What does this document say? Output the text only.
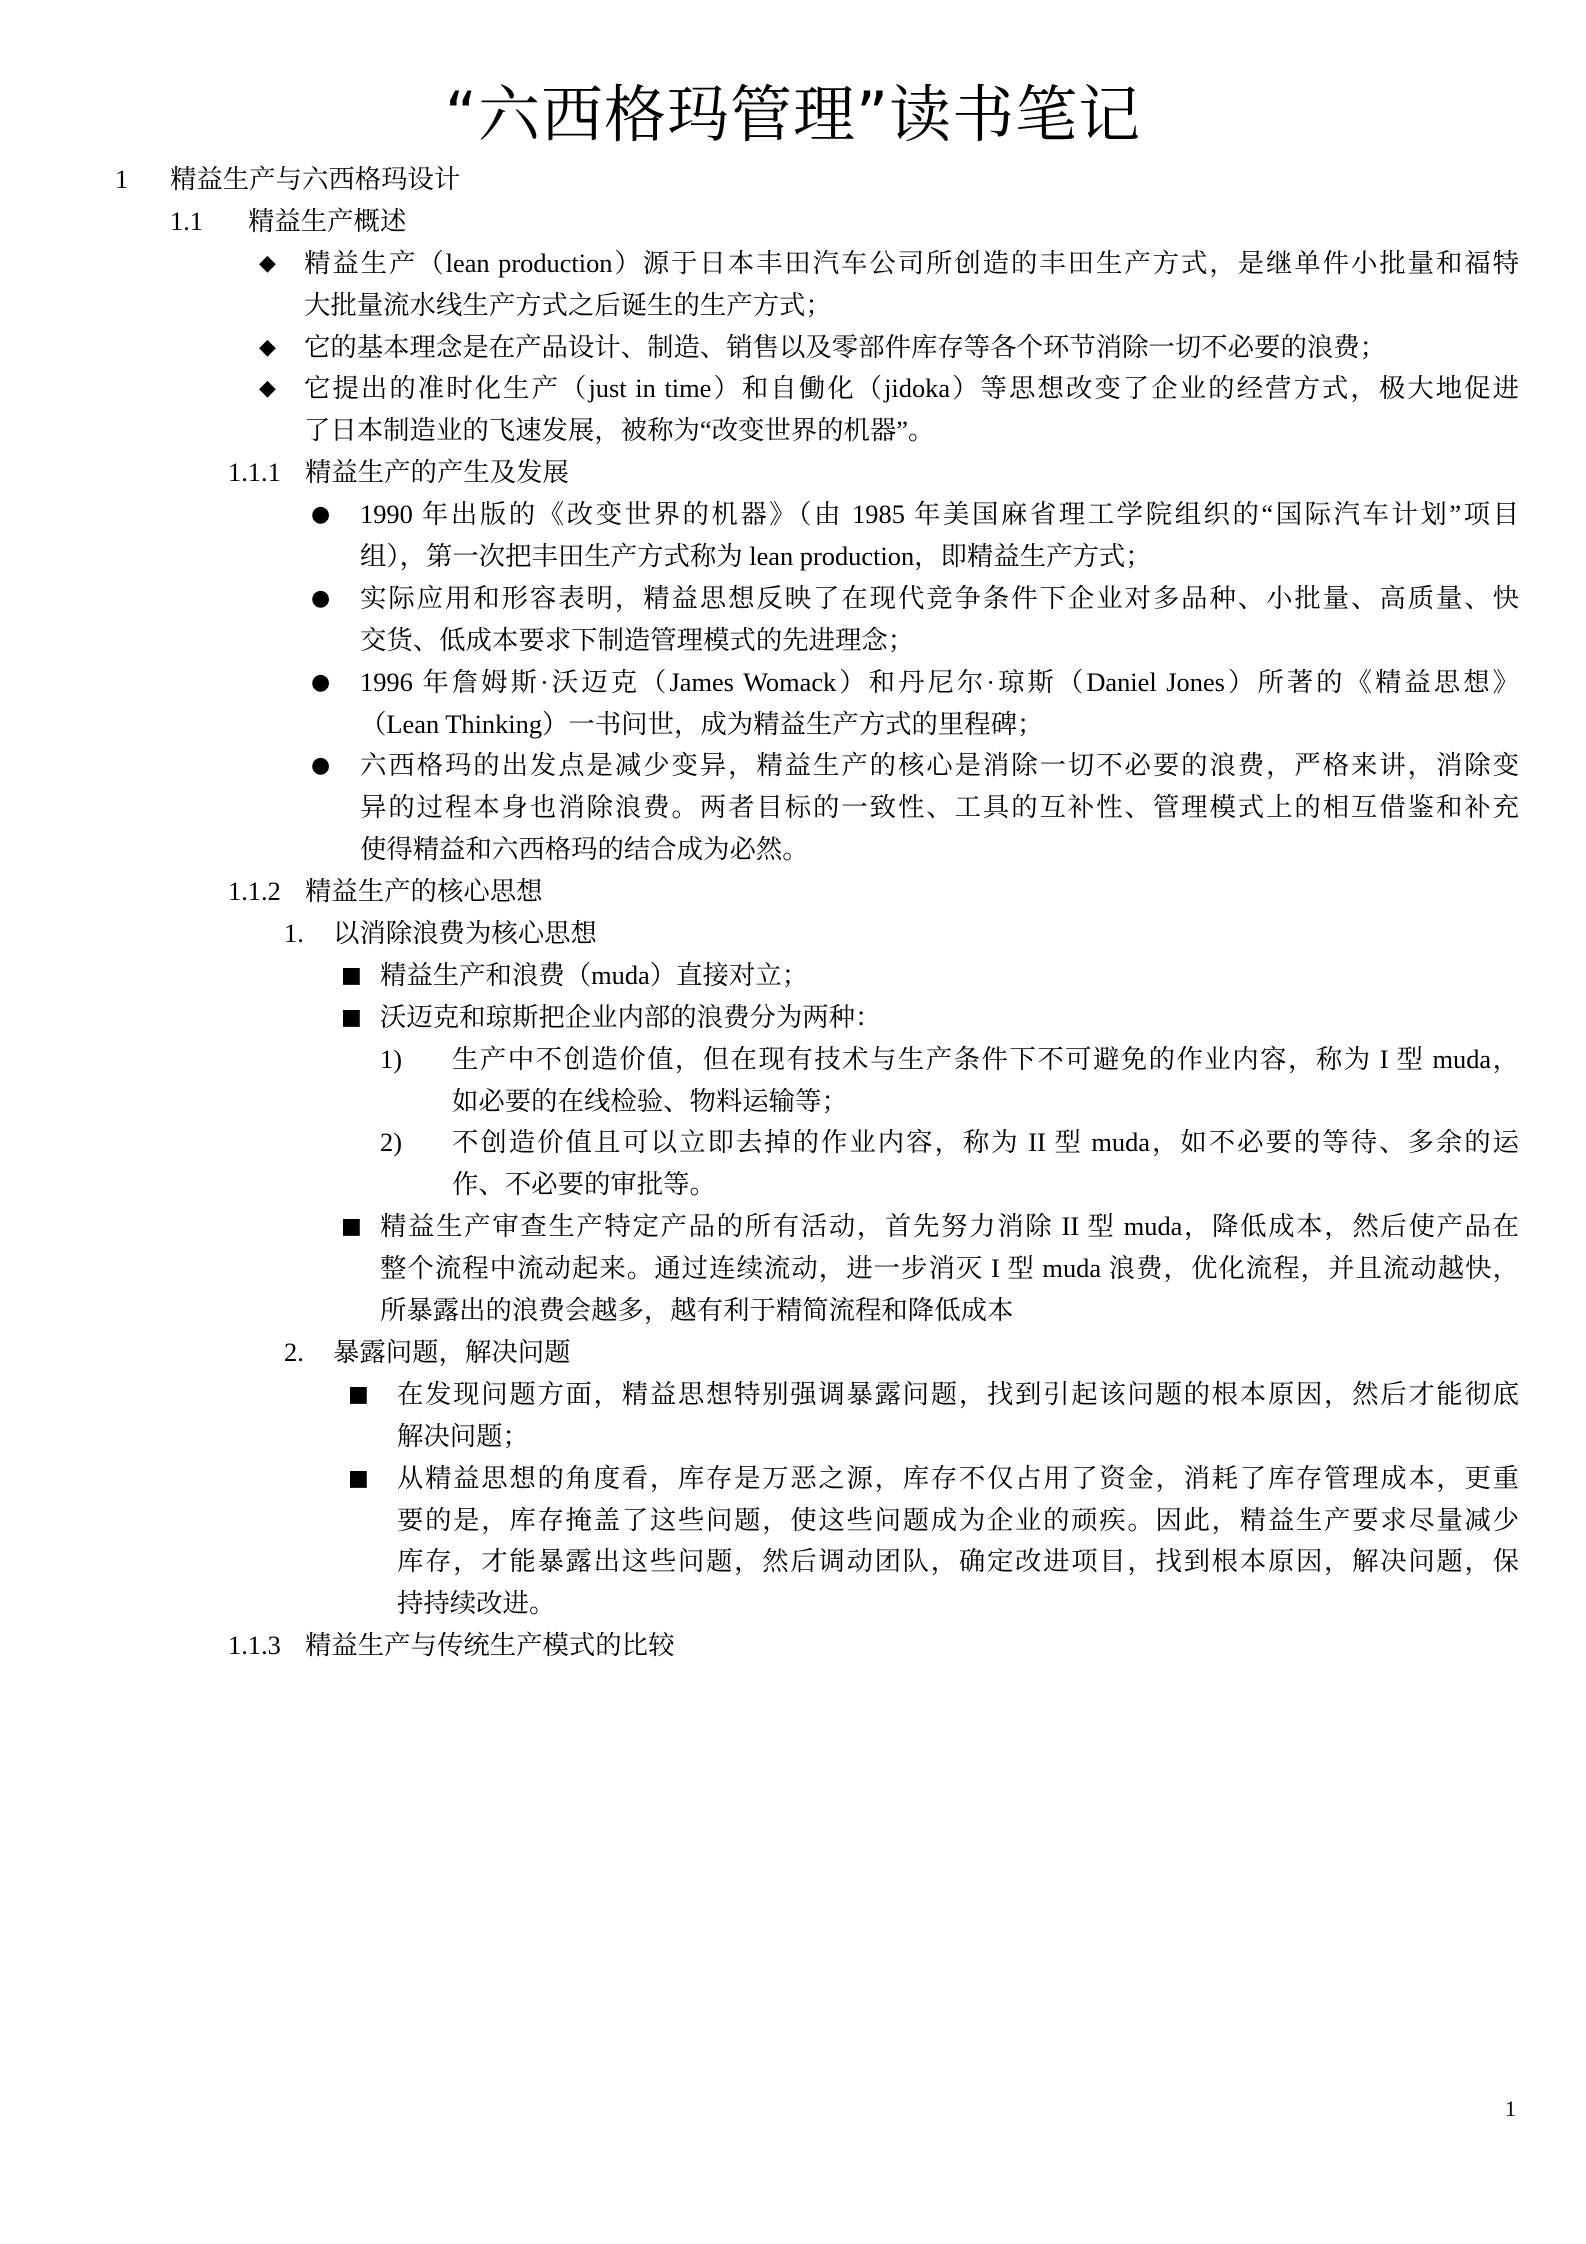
“六西格玛管理”读书笔记
1 精益生产与六西格玛设计
1.1 精益生产概述
◆ 精益生产（lean production）源于日本丰田汽车公司所创造的丰田生产方式，是继单件小批量和福特
大批量流水线生产方式之后诞生的生产方式；
◆ 它的基本理念是在产品设计、制造、销售以及零部件库存等各个环节消除一切不必要的浪费；
◆ 它提出的准时化生产（just in time）和自働化（jidoka）等思想改变了企业的经营方式，极大地促进
了日本制造业的飞速发展，被称为“改变世界的机器”。
1.1.1 精益生产的产生及发展
● 1990 年出版的《改变世界的机器》（由 1985 年美国麻省理工学院组织的“国际汽车计划”项目
组），第一次把丰田生产方式称为 lean production，即精益生产方式；
● 实际应用和形容表明，精益思想反映了在现代竞争条件下企业对多品种、小批量、高质量、快
交货、低成本要求下制造管理模式的先进理念；
● 1996 年詹姆斯·沃迈克（James Womack）和丹尼尔·琼斯（Daniel Jones）所著的《精益思想》
（Lean Thinking）一书问世，成为精益生产方式的里程碑；
● 六西格玛的出发点是减少变异，精益生产的核心是消除一切不必要的浪费，严格来讲，消除变
异的过程本身也消除浪费。两者目标的一致性、工具的互补性、管理模式上的相互借鉴和补充
使得精益和六西格玛的结合成为必然。
1.1.2 精益生产的核心思想
1. 以消除浪费为核心思想
■ 精益生产和浪费（muda）直接对立；
■ 沃迈克和琼斯把企业内部的浪费分为两种：
1) 生产中不创造价值，但在现有技术与生产条件下不可避免的作业内容，称为 I 型 muda，
如必要的在线检验、物料运输等；
2) 不创造价值且可以立即去掉的作业内容，称为 II 型 muda，如不必要的等待、多余的运
作、不必要的审批等。
■ 精益生产审查生产特定产品的所有活动，首先努力消除 II 型 muda，降低成本，然后使产品在
整个流程中流动起来。通过连续流动，进一步消灭 I 型 muda 浪费，优化流程，并且流动越快，
所暴露出的浪费会越多，越有利于精简流程和降低成本
2. 暴露问题，解决问题
■ 在发现问题方面，精益思想特别强调暴露问题，找到引起该问题的根本原因，然后才能彻底
解决问题；
■ 从精益思想的角度看，库存是万恶之源，库存不仅占用了资金，消耗了库存管理成本，更重
要的是，库存掩盖了这些问题，使这些问题成为企业的顽疾。因此，精益生产要求尽量减少
库存，才能暴露出这些问题，然后调动团队，确定改进项目，找到根本原因，解决问题，保
持持续改进。
1.1.3 精益生产与传统生产模式的比较
1
